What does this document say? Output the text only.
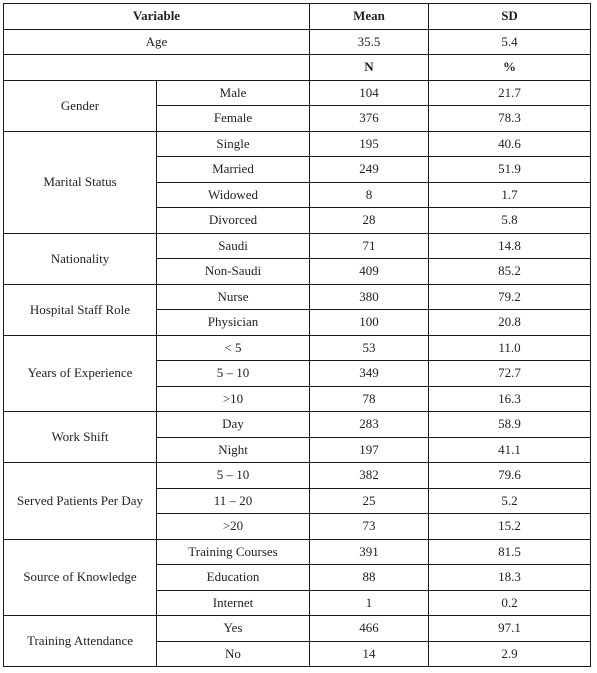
Variable		Mean	SD
Age		35.5	5.4
		N	%
Gender	Male	104	21.7
	Female	376	78.3
Marital Status	Single	195	40.6
	Married	249	51.9
	Widowed	8	1.7
	Divorced	28	5.8
Nationality	Saudi	71	14.8
	Non-Saudi	409	85.2
Hospital Staff Role	Nurse	380	79.2
	Physician	100	20.8
Years of Experience	< 5	53	11.0
	5 – 10	349	72.7
	>10	78	16.3
Work Shift	Day	283	58.9
	Night	197	41.1
Served Patients Per Day	5 – 10	382	79.6
	11 – 20	25	5.2
	>20	73	15.2
Source of Knowledge	Training Courses	391	81.5
	Education	88	18.3
	Internet	1	0.2
Training Attendance	Yes	466	97.1
	No	14	2.9
